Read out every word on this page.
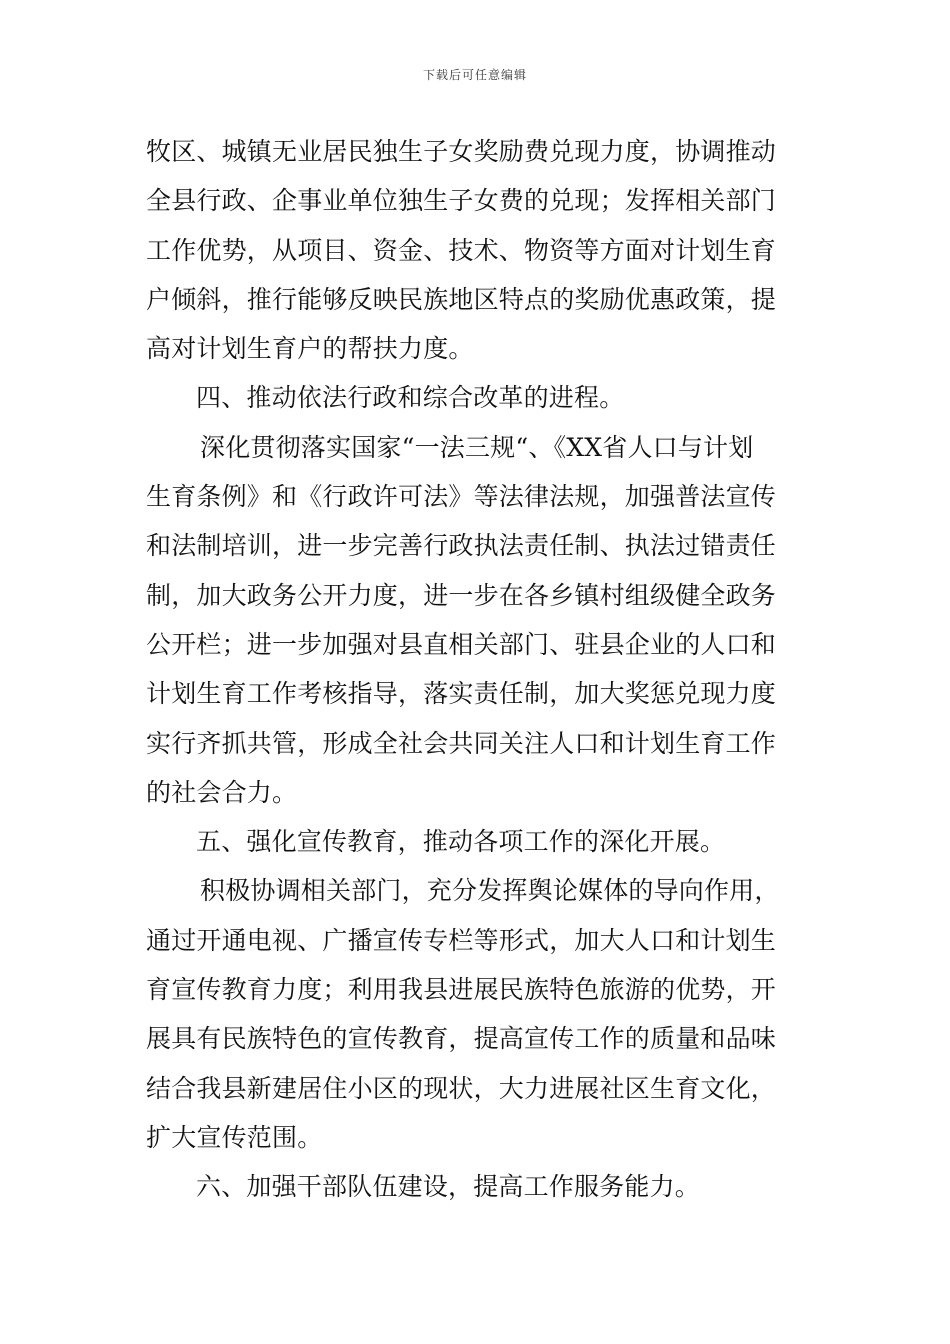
下载后可任意编辑
牧区、城镇无业居民独生子女奖励费兑现力度，协调推动
全县行政、企事业单位独生子女费的兑现；发挥相关部门
工作优势，从项目、资金、技术、物资等方面对计划生育
户倾斜，推行能够反映民族地区特点的奖励优惠政策，提
高对计划生育户的帮扶力度。
四、推动依法行政和综合改革的进程。
深化贯彻落实国家“一法三规“、《XX省人口与计划
生育条例》和《行政许可法》等法律法规，加强普法宣传
和法制培训，进一步完善行政执法责任制、执法过错责任
制，加大政务公开力度，进一步在各乡镇村组级健全政务
公开栏；进一步加强对县直相关部门、驻县企业的人口和
计划生育工作考核指导，落实责任制，加大奖惩兑现力度
实行齐抓共管，形成全社会共同关注人口和计划生育工作
的社会合力。
五、强化宣传教育，推动各项工作的深化开展。
积极协调相关部门，充分发挥舆论媒体的导向作用，
通过开通电视、广播宣传专栏等形式，加大人口和计划生
育宣传教育力度；利用我县进展民族特色旅游的优势，开
展具有民族特色的宣传教育，提高宣传工作的质量和品味
结合我县新建居住小区的现状，大力进展社区生育文化，
扩大宣传范围。
六、加强干部队伍建设，提高工作服务能力。
